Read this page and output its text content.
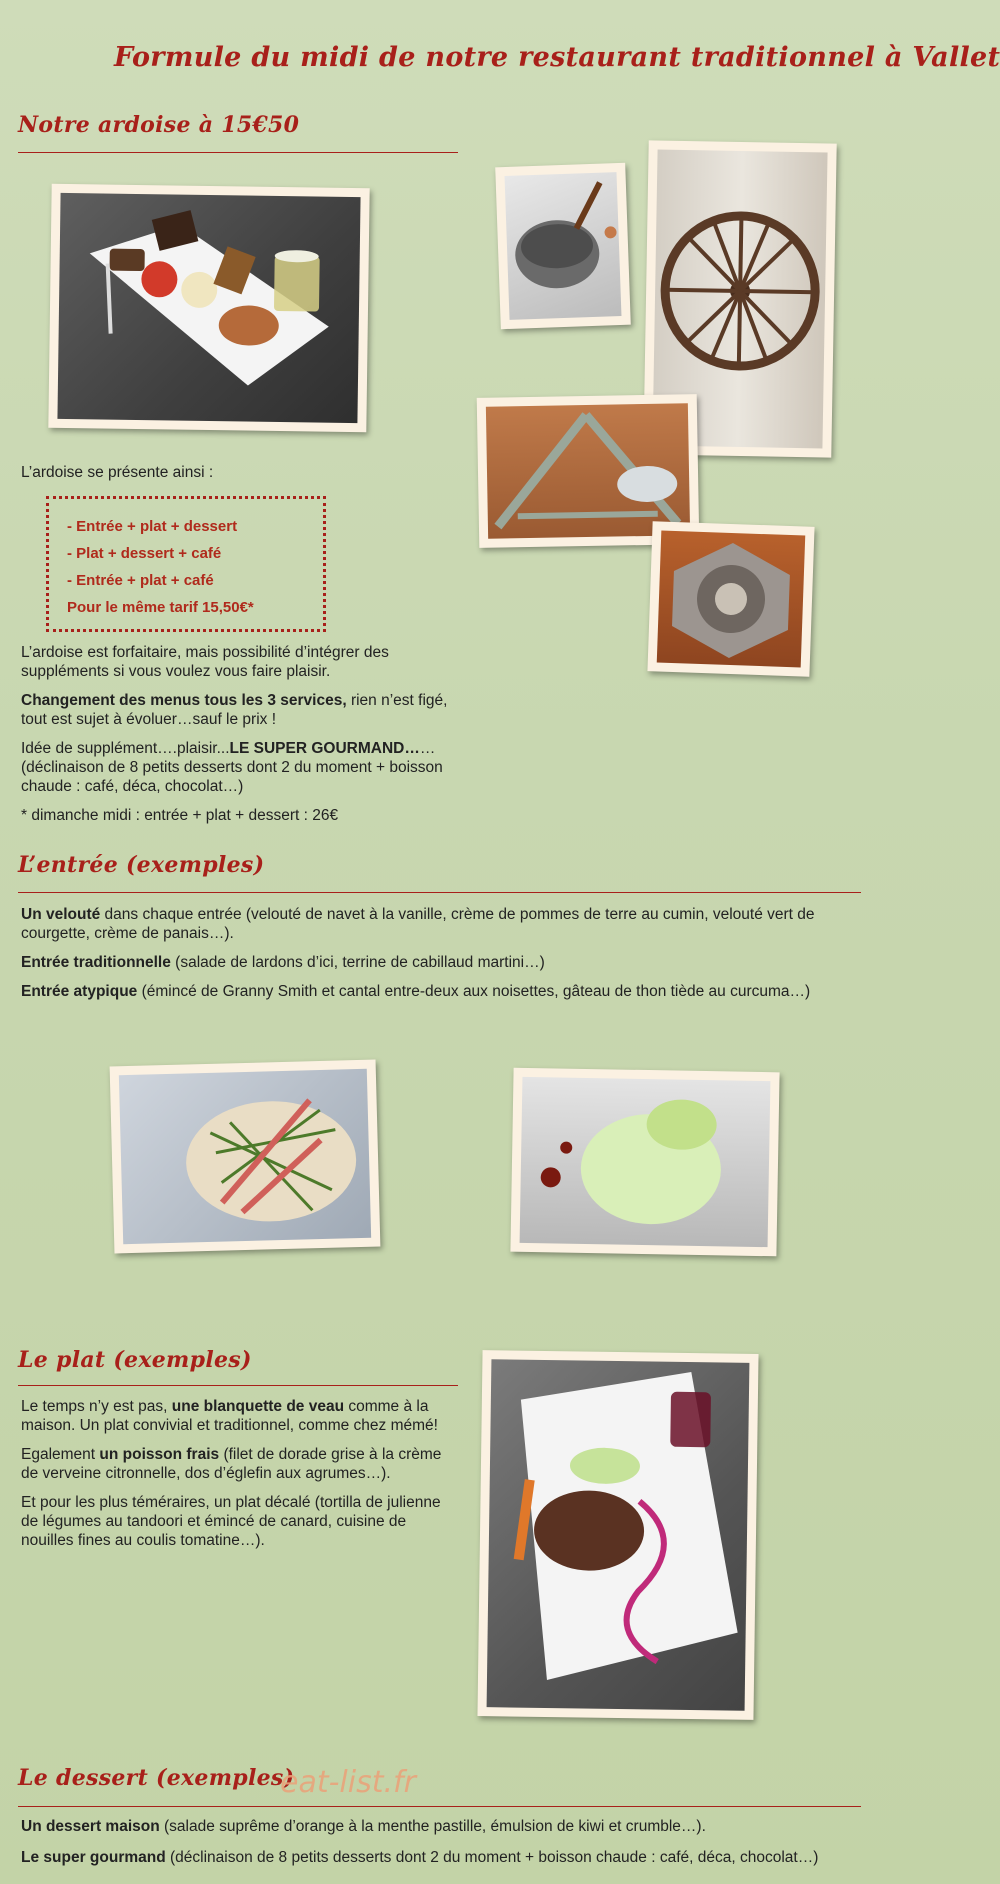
Formule du midi de notre restaurant traditionnel à Vallet
Notre ardoise à 15€50
L’ardoise se présente ainsi :
- Entrée + plat + dessert
- Plat + dessert + café
- Entrée + plat + café
Pour le même tarif 15,50€*

L’ardoise est forfaitaire, mais possibilité d’intégrer des suppléments si vous voulez vous faire plaisir.

Changement des menus tous les 3 services, rien n’est figé, tout est sujet à évoluer…sauf le prix !

Idée de supplément….plaisir...LE SUPER GOURMAND…… (déclinaison de 8 petits desserts dont 2 du moment + boisson chaude : café, déca, chocolat…)

* dimanche midi : entrée + plat + dessert : 26€

L’entrée (exemples)

Un velouté dans chaque entrée (velouté de navet à la vanille, crème de pommes de terre au cumin, velouté vert de courgette, crème de panais…).

Entrée traditionnelle (salade de lardons d’ici, terrine de cabillaud martini…)

Entrée atypique (émincé de Granny Smith et cantal entre-deux aux noisettes, gâteau de thon tiède au curcuma…)

Le plat (exemples)

Le temps n’y est pas, une blanquette de veau comme à la maison. Un plat convivial et traditionnel, comme chez mémé!

Egalement un poisson frais (filet de dorade grise à la crème de verveine citronnelle, dos d’églefin aux agrumes…).

Et pour les plus téméraires, un plat décalé (tortilla de julienne de légumes au tandoori et émincé de canard, cuisine de nouilles fines au coulis tomatine…).

Le dessert (exemples)
eat-list.fr

Un dessert maison (salade suprême d’orange à la menthe pastille, émulsion de kiwi et crumble…).

Le super gourmand (déclinaison de 8 petits desserts dont 2 du moment + boisson chaude : café, déca, chocolat…)
